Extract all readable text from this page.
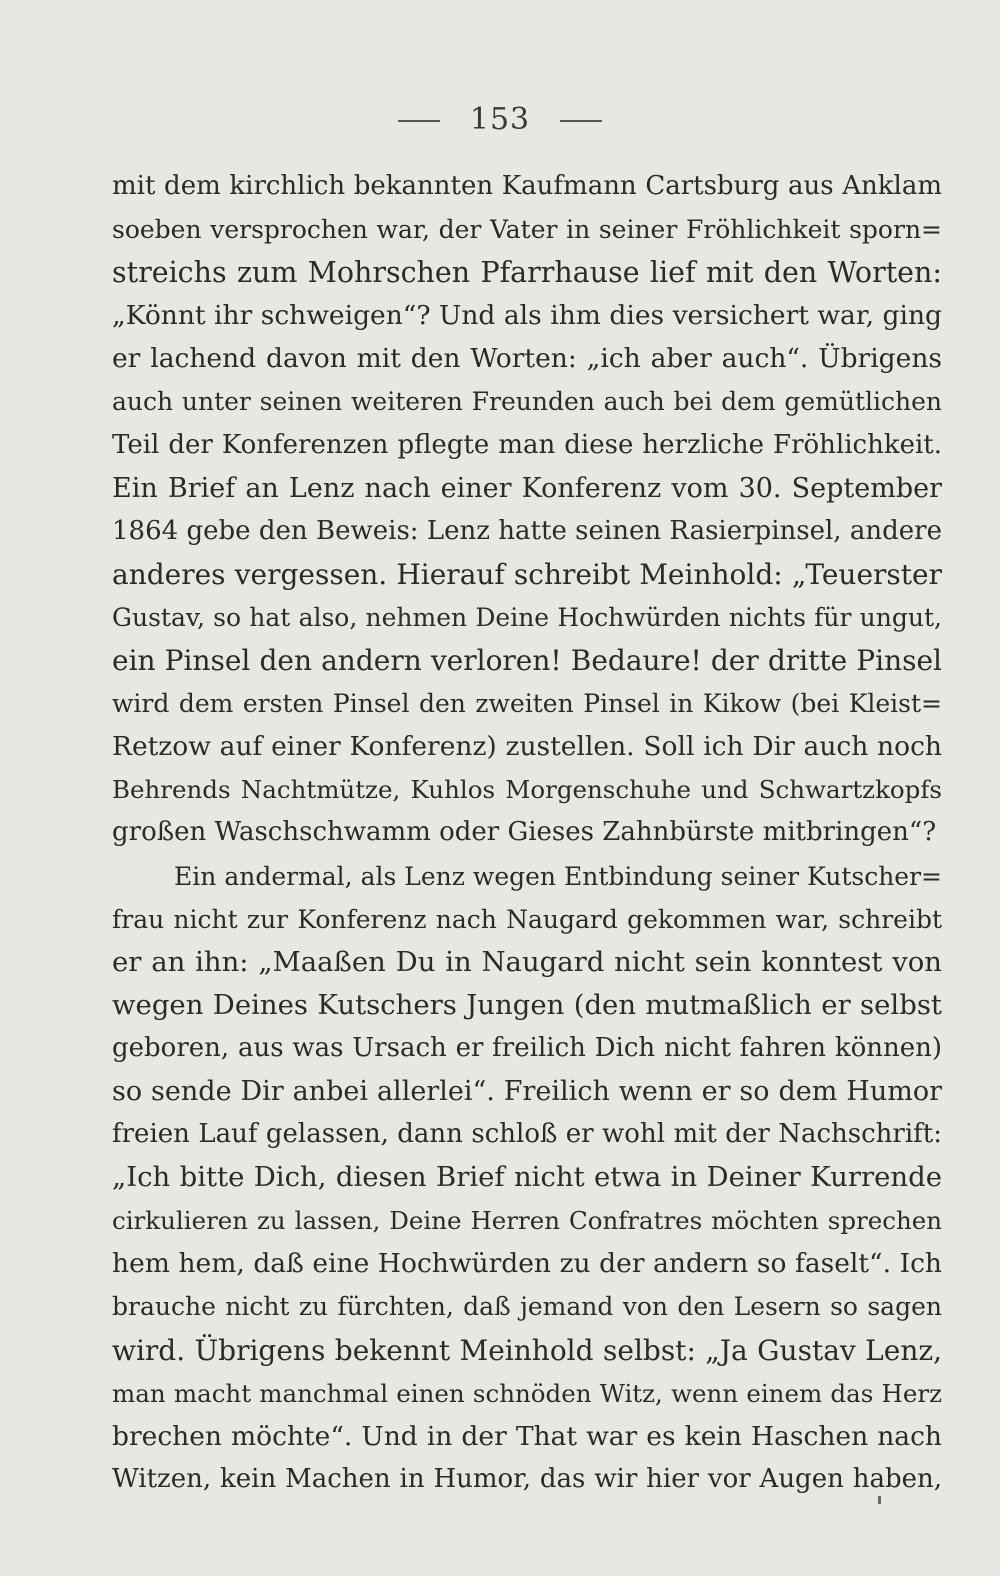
153
mit dem kirchlich bekannten Kaufmann Cartsburg aus Anklam
soeben versprochen war, der Vater in seiner Fröhlichkeit sporn=
streichs zum Mohrschen Pfarrhause lief mit den Worten:
„Könnt ihr schweigen“? Und als ihm dies versichert war, ging
er lachend davon mit den Worten: „ich aber auch“. Übrigens
auch unter seinen weiteren Freunden auch bei dem gemütlichen
Teil der Konferenzen pflegte man diese herzliche Fröhlichkeit.
Ein Brief an Lenz nach einer Konferenz vom 30. September
1864 gebe den Beweis: Lenz hatte seinen Rasierpinsel, andere
anderes vergessen. Hierauf schreibt Meinhold: „Teuerster
Gustav, so hat also, nehmen Deine Hochwürden nichts für ungut,
ein Pinsel den andern verloren! Bedaure! der dritte Pinsel
wird dem ersten Pinsel den zweiten Pinsel in Kikow (bei Kleist=
Retzow auf einer Konferenz) zustellen. Soll ich Dir auch noch
Behrends Nachtmütze, Kuhlos Morgenschuhe und Schwartzkopfs
großen Waschschwamm oder Gieses Zahnbürste mitbringen“?
Ein andermal, als Lenz wegen Entbindung seiner Kutscher=
frau nicht zur Konferenz nach Naugard gekommen war, schreibt
er an ihn: „Maaßen Du in Naugard nicht sein konntest von
wegen Deines Kutschers Jungen (den mutmaßlich er selbst
geboren, aus was Ursach er freilich Dich nicht fahren können)
so sende Dir anbei allerlei“. Freilich wenn er so dem Humor
freien Lauf gelassen, dann schloß er wohl mit der Nachschrift:
„Ich bitte Dich, diesen Brief nicht etwa in Deiner Kurrende
cirkulieren zu lassen, Deine Herren Confratres möchten sprechen
hem hem, daß eine Hochwürden zu der andern so faselt“. Ich
brauche nicht zu fürchten, daß jemand von den Lesern so sagen
wird. Übrigens bekennt Meinhold selbst: „Ja Gustav Lenz,
man macht manchmal einen schnöden Witz, wenn einem das Herz
brechen möchte“. Und in der That war es kein Haschen nach
Witzen, kein Machen in Humor, das wir hier vor Augen haben,
